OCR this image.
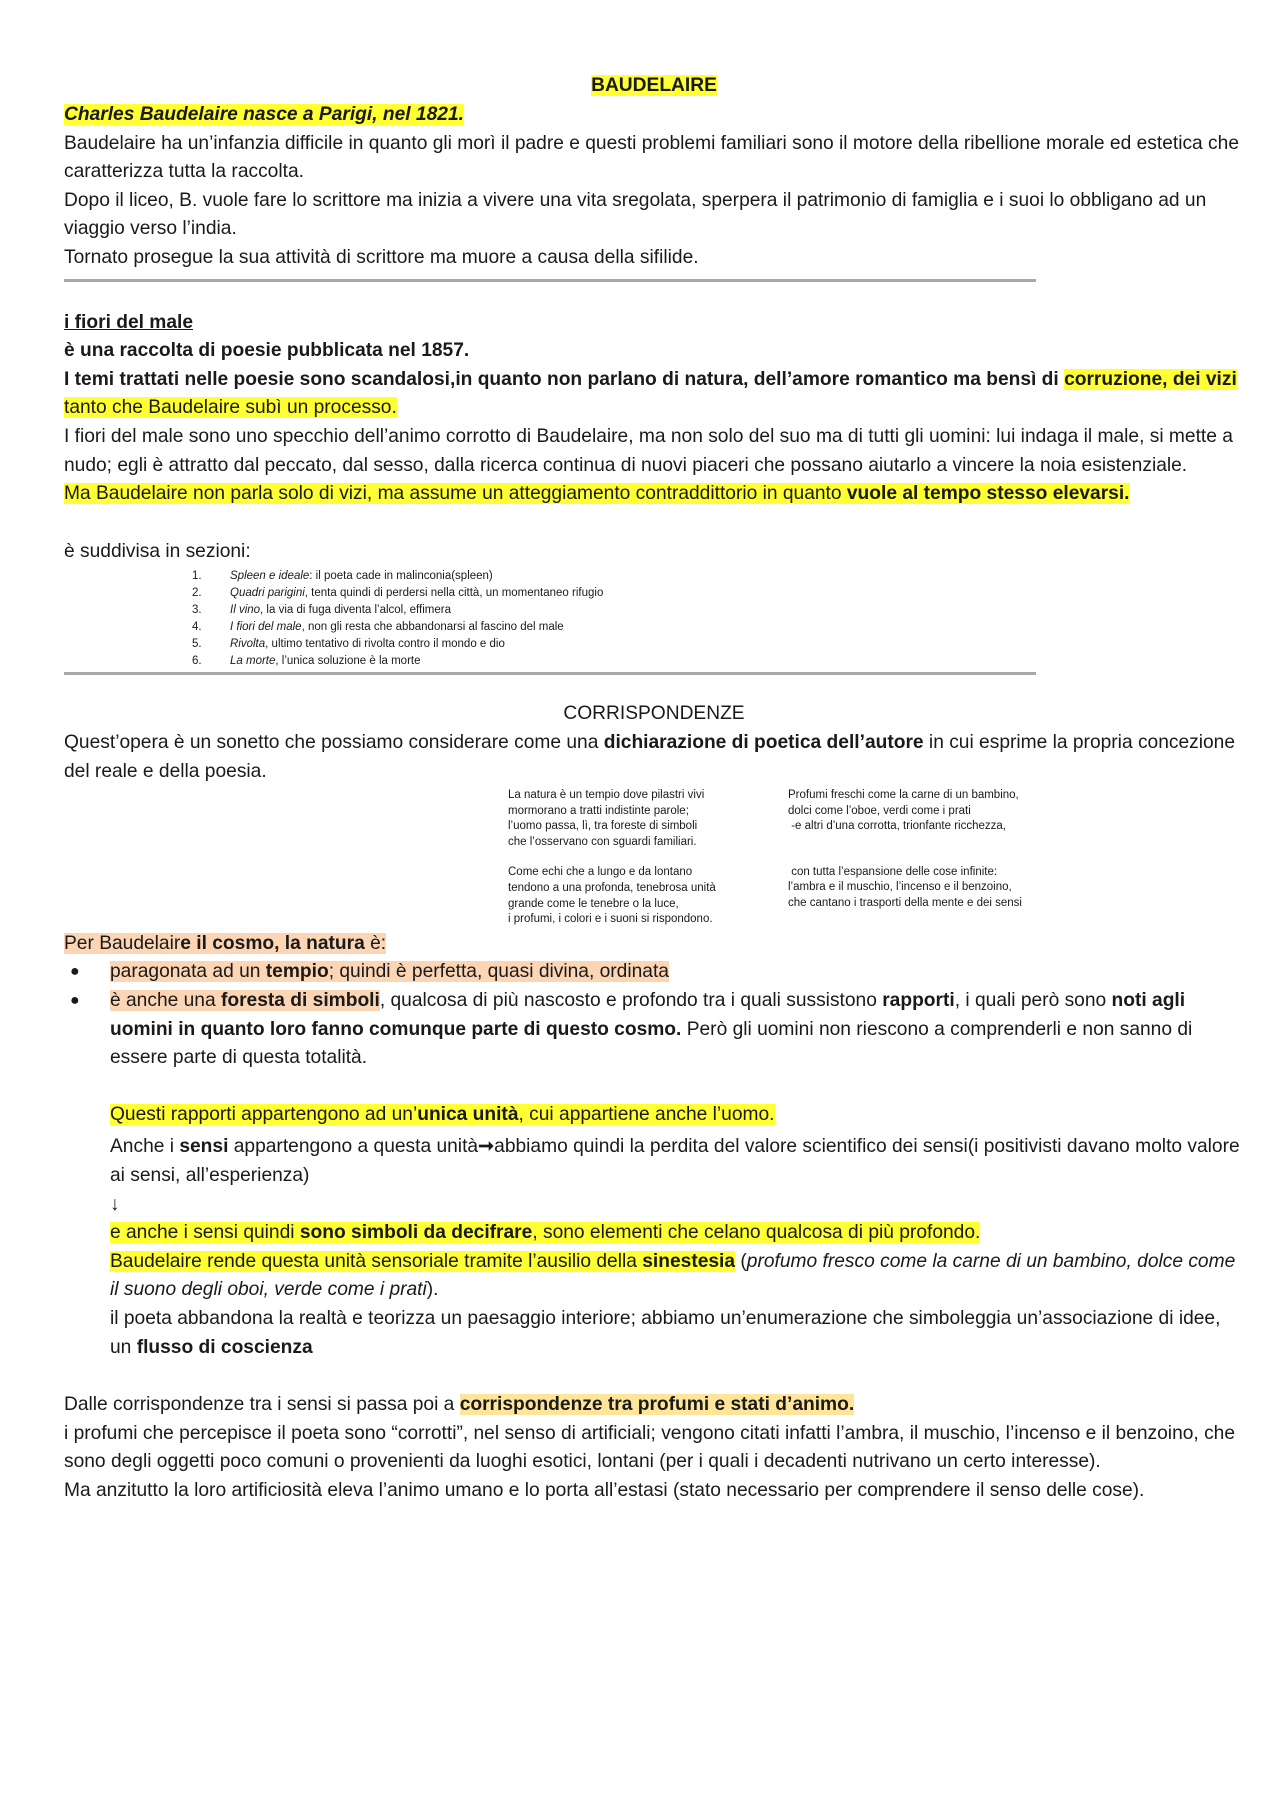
BAUDELAIRE

Charles Baudelaire nasce a Parigi, nel 1821.

Baudelaire ha un’infanzia difficile in quanto gli morì il padre e questi problemi familiari sono il motore della ribellione morale ed estetica che caratterizza tutta la raccolta.

Dopo il liceo, B. vuole fare lo scrittore ma inizia a vivere una vita sregolata, sperpera il patrimonio di famiglia e i suoi lo obbligano ad un viaggio verso l’india.

Tornato prosegue la sua attività di scrittore ma muore a causa della sifilide.

i fiori del male

è una raccolta di poesie pubblicata nel 1857.

I temi trattati nelle poesie sono scandalosi,in quanto non parlano di natura, dell’amore romantico ma bensì di corruzione, dei vizi tanto che Baudelaire subì un processo.

I fiori del male sono uno specchio dell’animo corrotto di Baudelaire, ma non solo del suo ma di tutti gli uomini: lui indaga il male, si mette a nudo; egli è attratto dal peccato, dal sesso, dalla ricerca continua di nuovi piaceri che possano aiutarlo a vincere la noia esistenziale.

Ma Baudelaire non parla solo di vizi, ma assume un atteggiamento contraddittorio in quanto vuole al tempo stesso elevarsi.

è suddivisa in sezioni:

1.	Spleen e ideale: il poeta cade in malinconia(spleen)
2.	Quadri parigini, tenta quindi di perdersi nella città, un momentaneo rifugio
3.	Il vino, la via di fuga diventa l’alcol, effimera
4.	I fiori del male, non gli resta che abbandonarsi al fascino del male
5.	Rivolta, ultimo tentativo di rivolta contro il mondo e dio
6.	La morte, l’unica soluzione è la morte

CORRISPONDENZE

Quest’opera è un sonetto che possiamo considerare come una dichiarazione di poetica dell’autore in cui esprime la propria concezione del reale e della poesia.

La natura è un tempio dove pilastri vivi
mormorano a tratti indistinte parole;
l’uomo passa, lì, tra foreste di simboli
che l’osservano con sguardi familiari.
Come echi che a lungo e da lontano
tendono a una profonda, tenebrosa unità
grande come le tenebre o la luce,
i profumi, i colori e i suoni si rispondono.
Profumi freschi come la carne di un bambino,
dolci come l’oboe, verdi come i prati
-e altri d’una corrotta, trionfante ricchezza,
con tutta l’espansione delle cose infinite:
l’ambra e il muschio, l’incenso e il benzoino,
che cantano i trasporti della mente e dei sensi

Per Baudelaire il cosmo, la natura è:

● paragonata ad un tempio; quindi è perfetta, quasi divina, ordinata
● è anche una foresta di simboli, qualcosa di più nascosto e profondo tra i quali sussistono rapporti, i quali però sono noti agli uomini in quanto loro fanno comunque parte di questo cosmo. Però gli uomini non riescono a comprenderli e non sanno di essere parte di questa totalità.

Questi rapporti appartengono ad un’unica unità, cui appartiene anche l’uomo.

Anche i sensi appartengono a questa unità➞abbiamo quindi la perdita del valore scientifico dei sensi(i positivisti davano molto valore ai sensi, all’esperienza)

↓

e anche i sensi quindi sono simboli da decifrare, sono elementi che celano qualcosa di più profondo.

Baudelaire rende questa unità sensoriale tramite l’ausilio della sinestesia (profumo fresco come la carne di un bambino, dolce come il suono degli oboi, verde come i prati).

il poeta abbandona la realtà e teorizza un paesaggio interiore; abbiamo un’enumerazione che simboleggia un’associazione di idee, un flusso di coscienza

Dalle corrispondenze tra i sensi si passa poi a corrispondenze tra profumi e stati d’animo.

i profumi che percepisce il poeta sono “corrotti”, nel senso di artificiali; vengono citati infatti l’ambra, il muschio, l’incenso e il benzoino, che sono degli oggetti poco comuni o provenienti da luoghi esotici, lontani (per i quali i decadenti nutrivano un certo interesse).

Ma anzitutto la loro artificiosità eleva l’animo umano e lo porta all’estasi (stato necessario per comprendere il senso delle cose).
